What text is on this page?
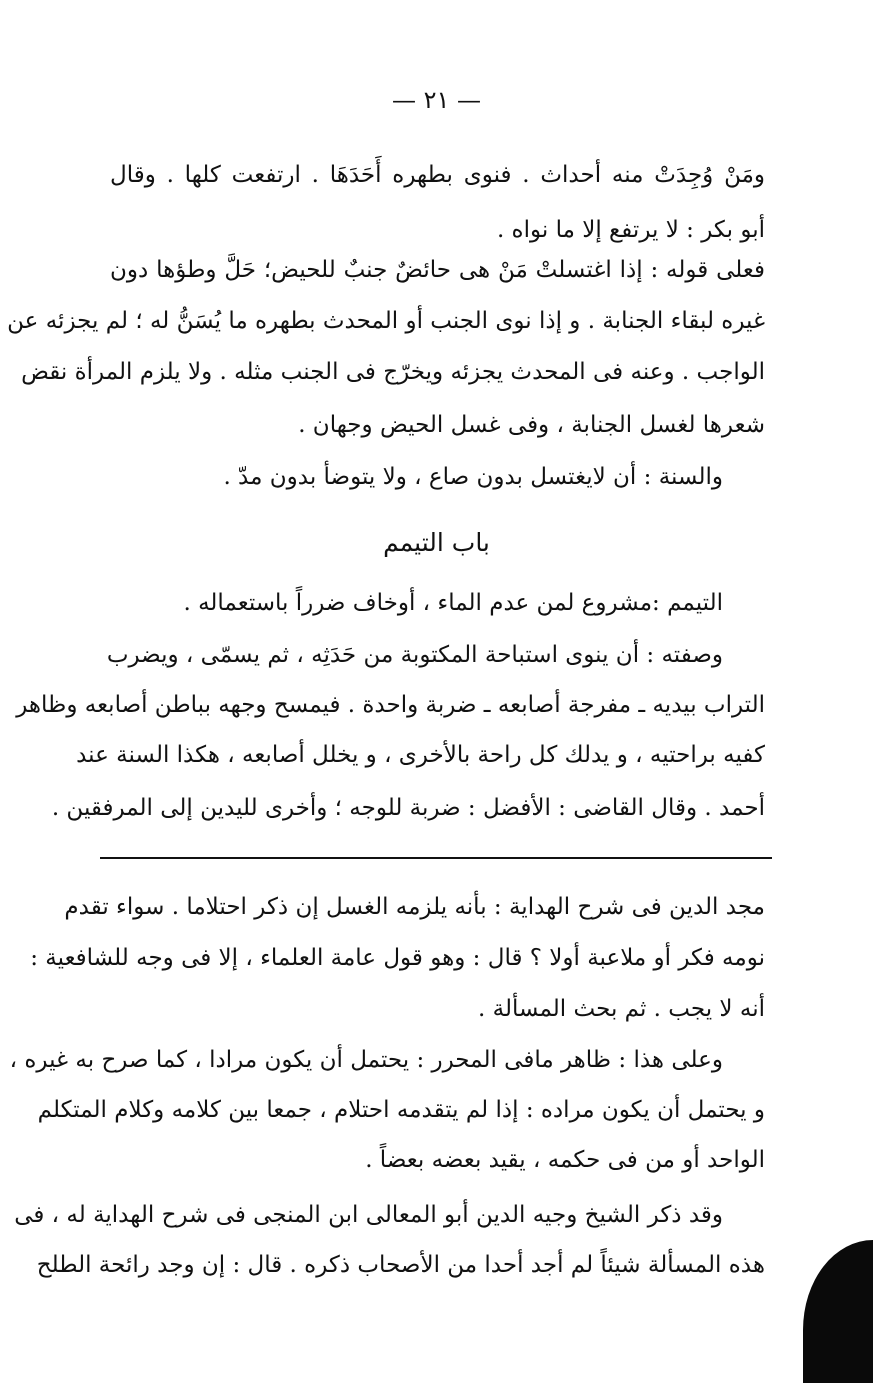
— ٢١ —
ومَنْ وُجِدَتْ منه أحداث . فنوى بطهره أَحَدَهَا . ارتفعت كلها . وقال
أبو بكر : لا يرتفع إلا ما نواه .
فعلى قوله : إذا اغتسلتْ مَنْ هى حائضٌ جنبٌ للحيض؛ حَلَّ وطؤها دون
غيره لبقاء الجنابة . و إذا نوى الجنب أو المحدث بطهره ما يُسَنُّ له ؛ لم يجزئه عن
الواجب . وعنه فى المحدث يجزئه ويخرّج فى الجنب مثله . ولا يلزم المرأة نقض
شعرها لغسل الجنابة ، وفى غسل الحيض وجهان .
والسنة : أن لايغتسل بدون صاع ، ولا يتوضأ بدون مدّ .
باب التيمم
التيمم :مشروع لمن عدم الماء ، أوخاف ضرراً باستعماله .
وصفته : أن ينوى استباحة المكتوبة من حَدَثِه ، ثم يسمّى ، ويضرب
التراب بيديه ـ مفرجة أصابعه ـ ضربة واحدة . فيمسح وجهه بباطن أصابعه وظاهر
كفيه براحتيه ، و يدلك كل راحة بالأخرى ، و يخلل أصابعه ، هكذا السنة عند
أحمد . وقال القاضى : الأفضل : ضربة للوجه ؛ وأخرى لليدين إلى المرفقين .
مجد الدين فى شرح الهداية : بأنه يلزمه الغسل إن ذكر احتلاما . سواء تقدم
نومه فكر أو ملاعبة أولا ؟ قال : وهو قول عامة العلماء ، إلا فى وجه للشافعية :
أنه لا يجب . ثم بحث المسألة .
وعلى هذا : ظاهر مافى المحرر : يحتمل أن يكون مرادا ، كما صرح به غيره ،
و يحتمل أن يكون مراده : إذا لم يتقدمه احتلام ، جمعا بين كلامه وكلام المتكلم
الواحد أو من فى حكمه ، يقيد بعضه بعضاً .
وقد ذكر الشيخ وجيه الدين أبو المعالى ابن المنجى فى شرح الهداية له ، فى
هذه المسألة شيئاً لم أجد أحدا من الأصحاب ذكره . قال : إن وجد رائحة الطلح
